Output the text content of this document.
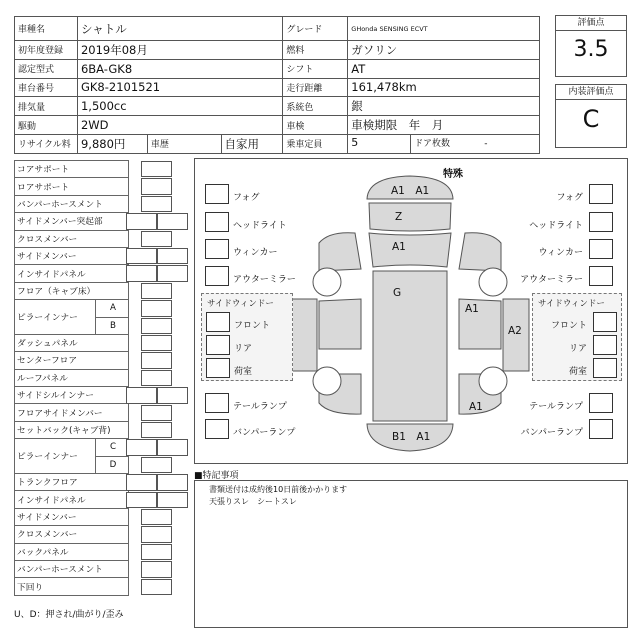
車種名	シャトル			グレード	GHonda SENSING ECVT
初年度登録	2019年08月			燃料	ガソリン
認定型式	6BA-GK8			シフト	AT
車台番号	GK8-2101521			走行距離	161,478km
排気量	1,500cc			系統色	銀
駆動	2WD			車検	車検期限　年　月
リサイクル料	9,880円	車歴	自家用	乗車定員	5 ドア枚数 -
評価点
3.5
内装評価点
C
コアサポート	
ロアサポート	
バンパーホースメント	
サイドメンバー突起部	
クロスメンバー	
サイドメンバー	
インサイドパネル	
フロア（キャブ床）	
ピラーインナー	A
	B
ダッシュパネル	
センターフロア	
ルーフパネル	
サイドシルインナー	
フロアサイドメンバー	
セットバック(キャブ背)	
ピラーインナー	C
	D
トランクフロア	
インサイドパネル	
サイドメンバー	
クロスメンバー	
バックパネル	
バンパーホースメント	
下回り	
U、D：押され/曲がり/歪み
特殊
A1　A1
Z
A1
G
A1
A2
A1
B1　A1
フォグ
ヘッドライト
ウィンカー
アウターミラー
サイドウィンドー
フロント
リア
荷室
テールランプ
バンパーランプ
フォグ
ヘッドライト
ウィンカー
アウターミラー
サイドウィンドー
フロント
リア
荷室
テールランプ
バンパーランプ
■特記事項
書類送付は成約後10日前後かかります
天張りスレ　シートスレ
